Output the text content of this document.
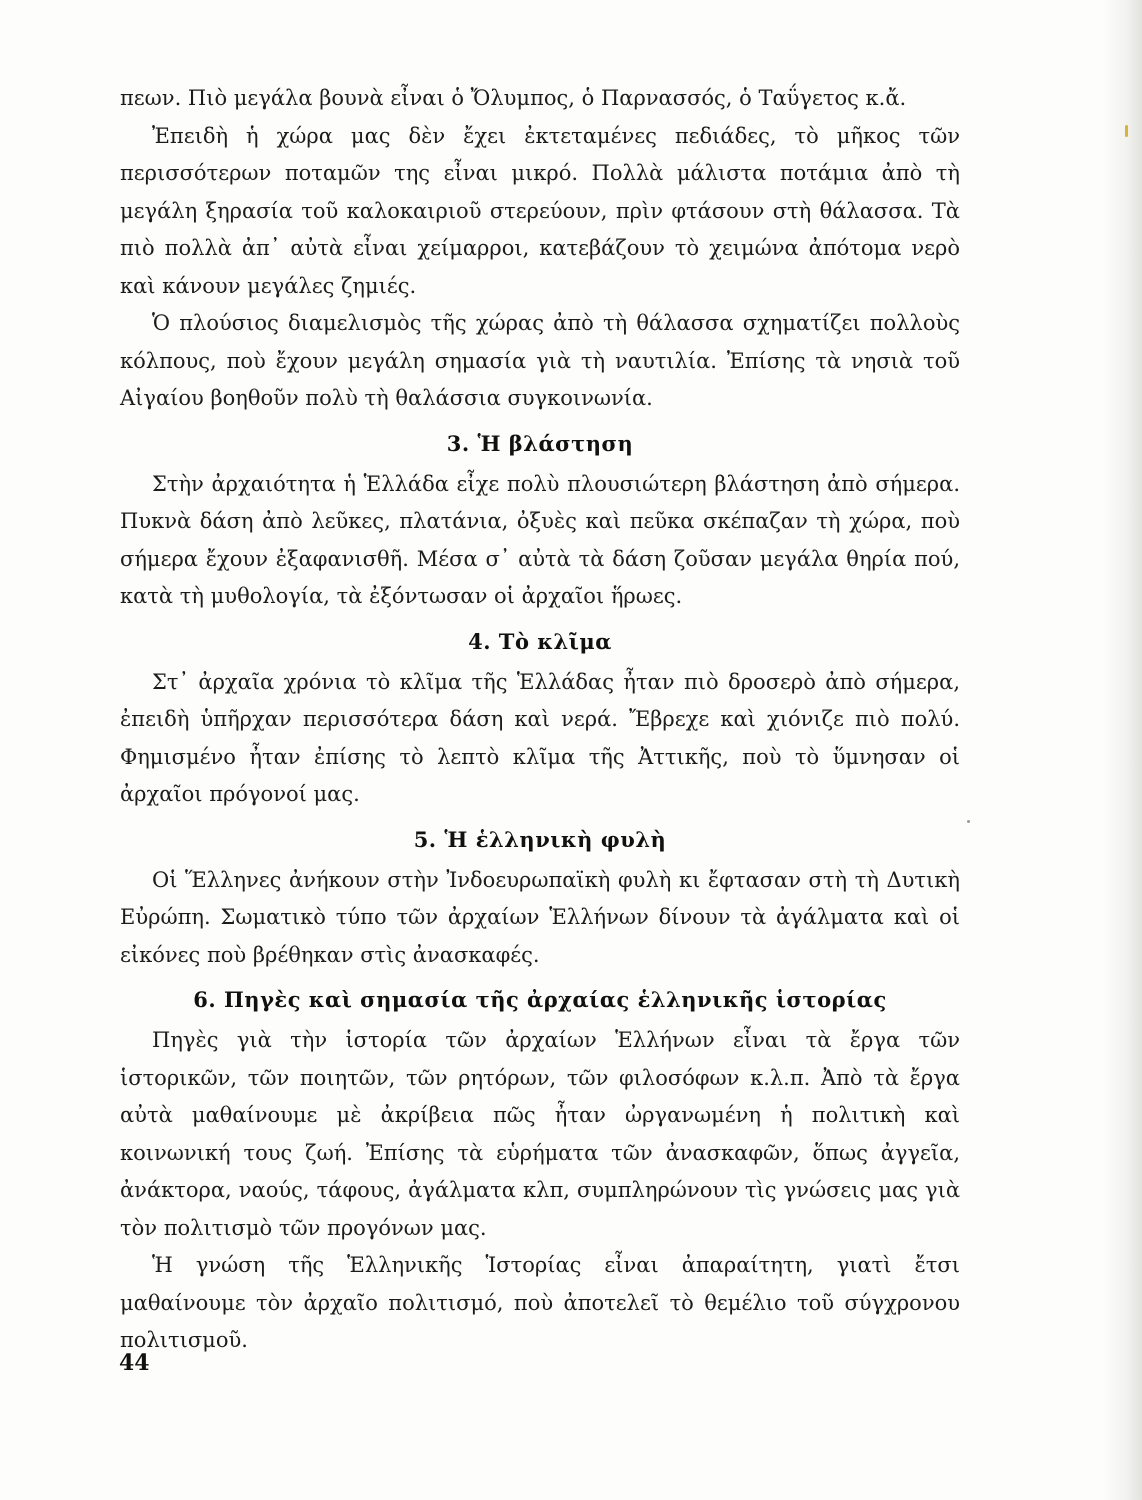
πεων. Πιὸ μεγάλα βουνὰ εἶναι ὁ Ὄλυμπος, ὁ Παρνασσός, ὁ Ταΰγετος κ.ἄ.

Ἐπειδὴ ἡ χώρα μας δὲν ἔχει ἐκτεταμένες πεδιάδες, τὸ μῆκος τῶν περισσότερων ποταμῶν της εἶναι μικρό. Πολλὰ μάλιστα ποτάμια ἀπὸ τὴ μεγάλη ξηρασία τοῦ καλοκαιριοῦ στερεύουν, πρὶν φτάσουν στὴ θάλασσα. Τὰ πιὸ πολλὰ ἀπ᾿ αὐτὰ εἶναι χείμαρροι, κατεβάζουν τὸ χειμώνα ἀπότομα νερὸ καὶ κάνουν μεγάλες ζημιές.

Ὁ πλούσιος διαμελισμὸς τῆς χώρας ἀπὸ τὴ θάλασσα σχηματίζει πολλοὺς κόλπους, ποὺ ἔχουν μεγάλη σημασία γιὰ τὴ ναυτιλία. Ἐπίσης τὰ νησιὰ τοῦ Αἰγαίου βοηθοῦν πολὺ τὴ θαλάσσια συγκοινωνία.

3. Ἡ βλάστηση

Στὴν ἀρχαιότητα ἡ Ἑλλάδα εἶχε πολὺ πλουσιώτερη βλάστηση ἀπὸ σήμερα. Πυκνὰ δάση ἀπὸ λεῦκες, πλατάνια, ὀξυὲς καὶ πεῦκα σκέπαζαν τὴ χώρα, ποὺ σήμερα ἔχουν ἐξαφανισθῆ. Μέσα σ᾿ αὐτὰ τὰ δάση ζοῦσαν μεγάλα θηρία πού, κατὰ τὴ μυθολογία, τὰ ἐξόντωσαν οἱ ἀρχαῖοι ἥρωες.

4. Τὸ κλῖμα

Στ᾿ ἀρχαῖα χρόνια τὸ κλῖμα τῆς Ἑλλάδας ἦταν πιὸ δροσερὸ ἀπὸ σήμερα, ἐπειδὴ ὑπῆρχαν περισσότερα δάση καὶ νερά. Ἔβρεχε καὶ χιόνιζε πιὸ πολύ. Φημισμένο ἦταν ἐπίσης τὸ λεπτὸ κλῖμα τῆς Ἀττικῆς, ποὺ τὸ ὕμνησαν οἱ ἀρχαῖοι πρόγονοί μας.

5. Ἡ ἑλληνικὴ φυλὴ

Οἱ Ἕλληνες ἀνήκουν στὴν Ἰνδοευρωπαϊκὴ φυλὴ κι ἔφτασαν στὴ τὴ Δυτικὴ Εὐρώπη. Σωματικὸ τύπο τῶν ἀρχαίων Ἑλλήνων δίνουν τὰ ἀγάλματα καὶ οἱ εἰκόνες ποὺ βρέθηκαν στὶς ἀνασκαφές.

6. Πηγὲς καὶ σημασία τῆς ἀρχαίας ἑλληνικῆς ἱστορίας

Πηγὲς γιὰ τὴν ἱστορία τῶν ἀρχαίων Ἑλλήνων εἶναι τὰ ἔργα τῶν ἱστορικῶν, τῶν ποιητῶν, τῶν ρητόρων, τῶν φιλοσόφων κ.λ.π. Ἀπὸ τὰ ἔργα αὐτὰ μαθαίνουμε μὲ ἀκρίβεια πῶς ἦταν ὠργανωμένη ἡ πολιτικὴ καὶ κοινωνική τους ζωή. Ἐπίσης τὰ εὑρήματα τῶν ἀνασκαφῶν, ὅπως ἀγγεῖα, ἀνάκτορα, ναούς, τάφους, ἀγάλματα κλπ, συμπληρώνουν τὶς γνώσεις μας γιὰ τὸν πολιτισμὸ τῶν προγόνων μας.

Ἡ γνώση τῆς Ἑλληνικῆς Ἱστορίας εἶναι ἀπαραίτητη, γιατὶ ἔτσι μαθαίνουμε τὸν ἀρχαῖο πολιτισμό, ποὺ ἀποτελεῖ τὸ θεμέλιο τοῦ σύγχρονου πολιτισμοῦ.

44
